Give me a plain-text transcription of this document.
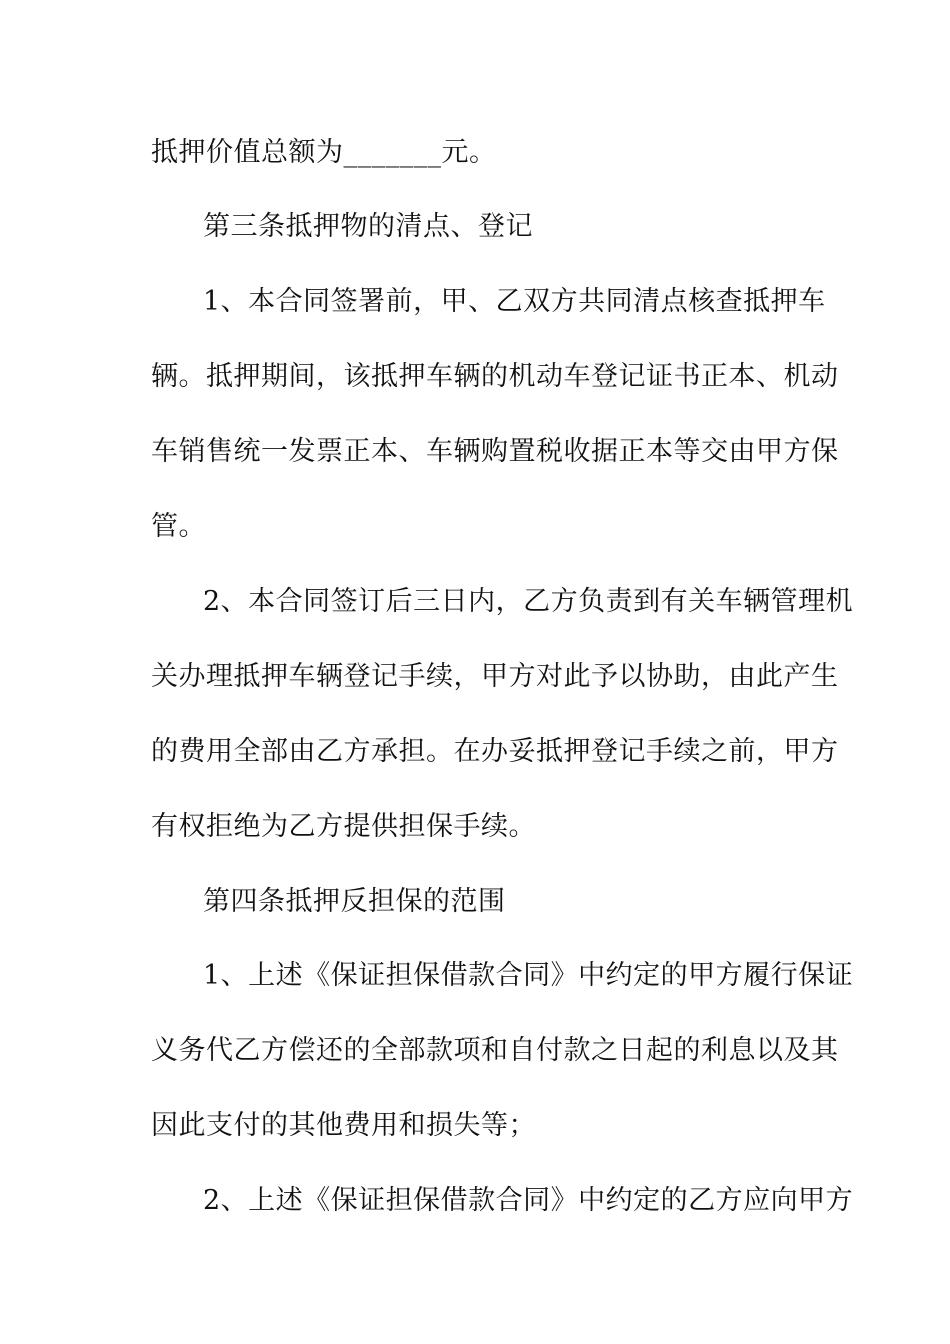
抵押价值总额为_______元。
第三条抵押物的清点、登记
1、本合同签署前，甲、乙双方共同清点核查抵押车
辆。抵押期间，该抵押车辆的机动车登记证书正本、机动
车销售统一发票正本、车辆购置税收据正本等交由甲方保
管。
2、本合同签订后三日内，乙方负责到有关车辆管理机
关办理抵押车辆登记手续，甲方对此予以协助，由此产生
的费用全部由乙方承担。在办妥抵押登记手续之前，甲方
有权拒绝为乙方提供担保手续。
第四条抵押反担保的范围
1、上述《保证担保借款合同》中约定的甲方履行保证
义务代乙方偿还的全部款项和自付款之日起的利息以及其
因此支付的其他费用和损失等；
2、上述《保证担保借款合同》中约定的乙方应向甲方
